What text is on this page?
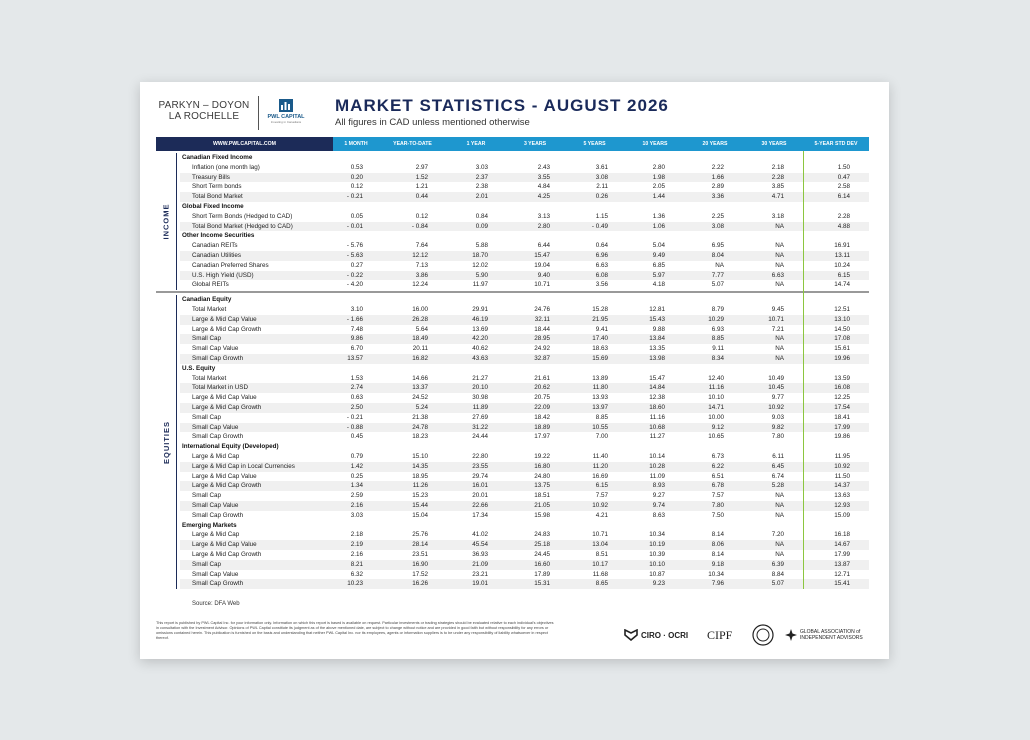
PARKYN – DOYON
LA ROCHELLE	PWL CAPITAL
Investing in Canadians
MARKET STATISTICS - AUGUST 2026
All figures in CAD unless mentioned otherwise
WWW.PWLCAPITAL.COM	1 MONTH	YEAR-TO-DATE	1 YEAR	3 YEARS	5 YEARS	10 YEARS	20 YEARS	30 YEARS	5-YEAR STD DEV
Canadian Fixed Income
Inflation (one month lag)	0.53	2.97	3.03	2.43	3.61	2.80	2.22	2.18	1.50
Treasury Bills	0.20	1.52	2.37	3.55	3.08	1.98	1.66	2.28	0.47
Short Term bonds	0.12	1.21	2.38	4.84	2.11	2.05	2.89	3.85	2.58
Total Bond Market	- 0.21	0.44	2.01	4.25	0.26	1.44	3.36	4.71	6.14
Global Fixed Income
Short Term Bonds (Hedged to CAD)	0.05	0.12	0.84	3.13	1.15	1.36	2.25	3.18	2.28
Total Bond Market (Hedged to CAD)	- 0.01	- 0.84	0.09	2.80	- 0.49	1.06	3.08	NA	4.88
Other Income Securities
Canadian REITs	- 5.76	7.64	5.88	6.44	0.64	5.04	6.95	NA	16.91
Canadian Utilities	- 5.63	12.12	18.70	15.47	6.96	9.49	8.04	NA	13.11
Canadian Preferred Shares	0.27	7.13	12.02	19.04	6.63	6.85	NA	NA	10.24
U.S. High Yield (USD)	- 0.22	3.86	5.90	9.40	6.08	5.97	7.77	6.63	6.15
Global REITs	- 4.20	12.24	11.97	10.71	3.56	4.18	5.07	NA	14.74
INCOME
Canadian Equity
Total Market	3.10	16.00	29.91	24.76	15.28	12.81	8.79	9.45	12.51
Large & Mid Cap Value	- 1.66	26.28	46.19	32.11	21.95	15.43	10.29	10.71	13.10
Large & Mid Cap Growth	7.48	5.64	13.69	18.44	9.41	9.88	6.93	7.21	14.50
Small Cap	9.86	18.49	42.20	28.95	17.40	13.84	8.85	NA	17.08
Small Cap Value	6.70	20.11	40.62	24.92	18.63	13.35	9.11	NA	15.61
Small Cap Growth	13.57	16.82	43.63	32.87	15.69	13.98	8.34	NA	19.96
U.S. Equity
Total Market	1.53	14.66	21.27	21.61	13.89	15.47	12.40	10.49	13.59
Total Market in USD	2.74	13.37	20.10	20.62	11.80	14.84	11.16	10.45	16.08
Large & Mid Cap Value	0.63	24.52	30.98	20.75	13.93	12.38	10.10	9.77	12.25
Large & Mid Cap Growth	2.50	5.24	11.89	22.09	13.97	18.60	14.71	10.92	17.54
Small Cap	- 0.21	21.38	27.69	18.42	8.85	11.16	10.00	9.03	18.41
Small Cap Value	- 0.88	24.78	31.22	18.89	10.55	10.68	9.12	9.82	17.99
Small Cap Growth	0.45	18.23	24.44	17.97	7.00	11.27	10.65	7.80	19.86
International Equity (Developed)
Large & Mid Cap	0.79	15.10	22.80	19.22	11.40	10.14	6.73	6.11	11.95
Large & Mid Cap in Local Currencies	1.42	14.35	23.55	16.80	11.20	10.28	6.22	6.45	10.92
Large & Mid Cap Value	0.25	18.95	29.74	24.80	16.69	11.09	6.51	6.74	11.50
Large & Mid Cap Growth	1.34	11.26	16.01	13.75	6.15	8.93	6.78	5.28	14.37
Small Cap	2.59	15.23	20.01	18.51	7.57	9.27	7.57	NA	13.63
Small Cap Value	2.16	15.44	22.66	21.05	10.92	9.74	7.80	NA	12.93
Small Cap Growth	3.03	15.04	17.34	15.98	4.21	8.63	7.50	NA	15.09
Emerging Markets
Large & Mid Cap	2.18	25.76	41.02	24.83	10.71	10.34	8.14	7.20	16.18
Large & Mid Cap Value	2.19	28.14	45.54	25.18	13.04	10.19	8.06	NA	14.67
Large & Mid Cap Growth	2.16	23.51	36.93	24.45	8.51	10.39	8.14	NA	17.99
Small Cap	8.21	16.90	21.09	16.60	10.17	10.10	9.18	6.39	13.87
Small Cap Value	6.32	17.52	23.21	17.89	11.68	10.87	10.34	8.84	12.71
Small Cap Growth	10.23	16.26	19.01	15.31	8.65	9.23	7.96	5.07	15.41
EQUITIES
Source: DFA Web
This report is published by PWL Capital Inc. for your information only. Information on which this report is based is available on request. Particular investments or trading strategies should be evaluated relative to each individual's objectives in consultation with the Investment Advisor. Opinions of PWL Capital constitute its judgment as of the above mentioned date, are subject to change without notice and are provided in good faith but without responsibility for any errors or omissions contained herein. This publication is furnished on the basis and understanding that neither PWL Capital Inc. nor its employees, agents or information suppliers is to be under any responsibility of liability whatsoever in respect thereof.	CIRO · OCRI CIPF	GLOBAL ASSOCIATION of
INDEPENDENT ADVISORS
